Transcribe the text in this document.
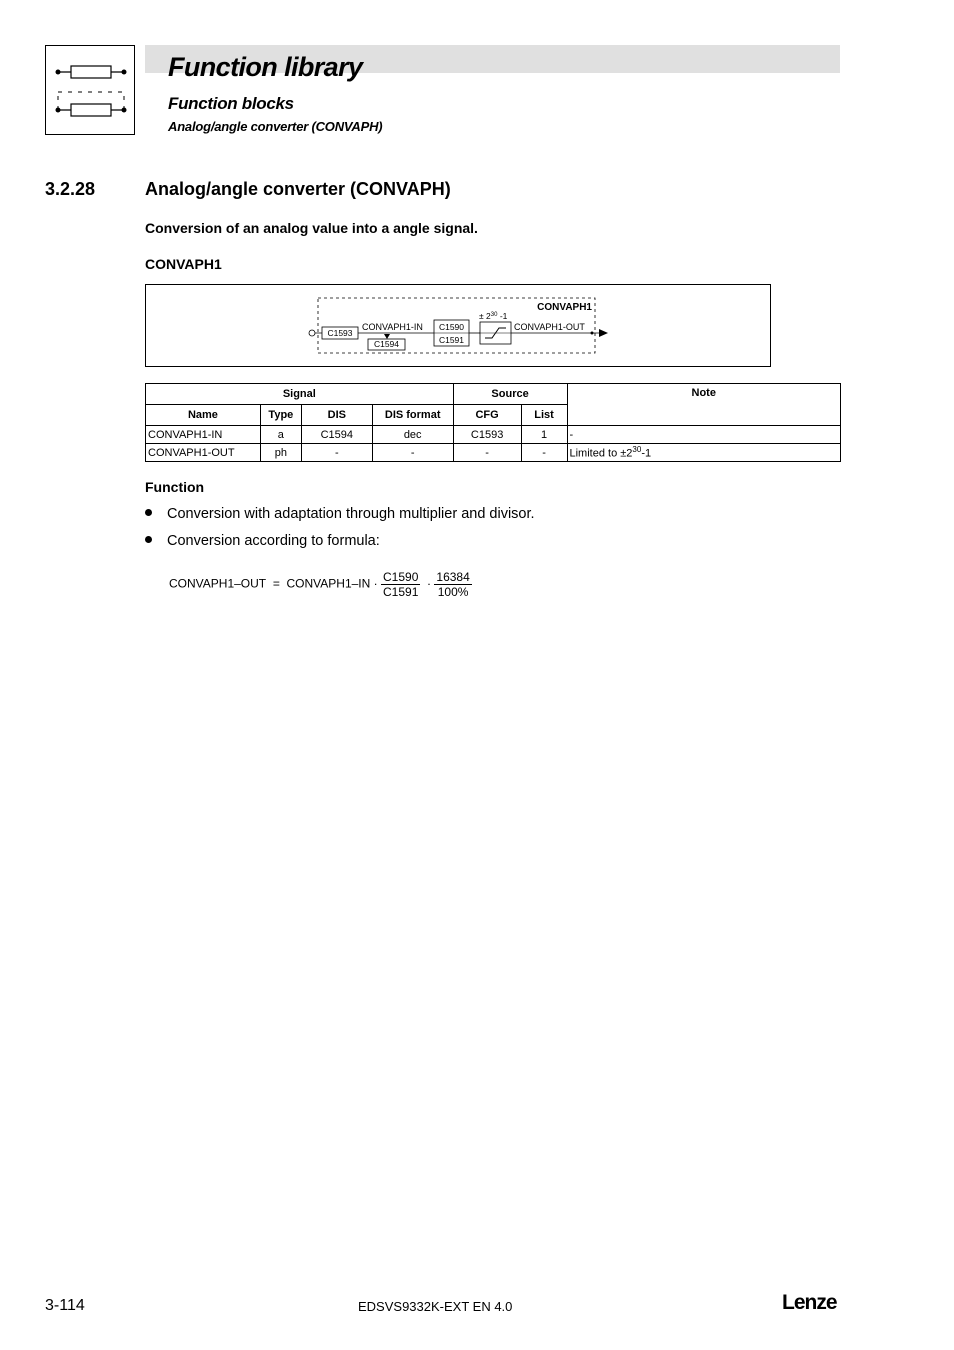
Function library
Function blocks
Analog/angle converter (CONVAPH)
3.2.28	Analog/angle converter (CONVAPH)
Conversion of an analog value into a angle signal.
CONVAPH1
CONVAPH1
C1593
CONVAPH1-IN
C1594
C1590
C1591
± $2^{30}$ -1
CONVAPH1-OUT
Signal				Source		Note
Name	Type	DIS	DIS format	CFG	List	
CONVAPH1-IN	a	C1594	dec	C1593	1	-
CONVAPH1-OUT	ph	-	-	-	-	Limited to $\pm 2^{30}-1$
Function
Conversion with adaptation through multiplier and divisor.
Conversion according to formula:
CONVAPH1–OUT = CONVAPH1–IN · $\frac{C1590}{C1591} \cdot \frac{16384}{100\%}$
3-114	EDSVS9332K-EXT EN 4.0	Lenze
